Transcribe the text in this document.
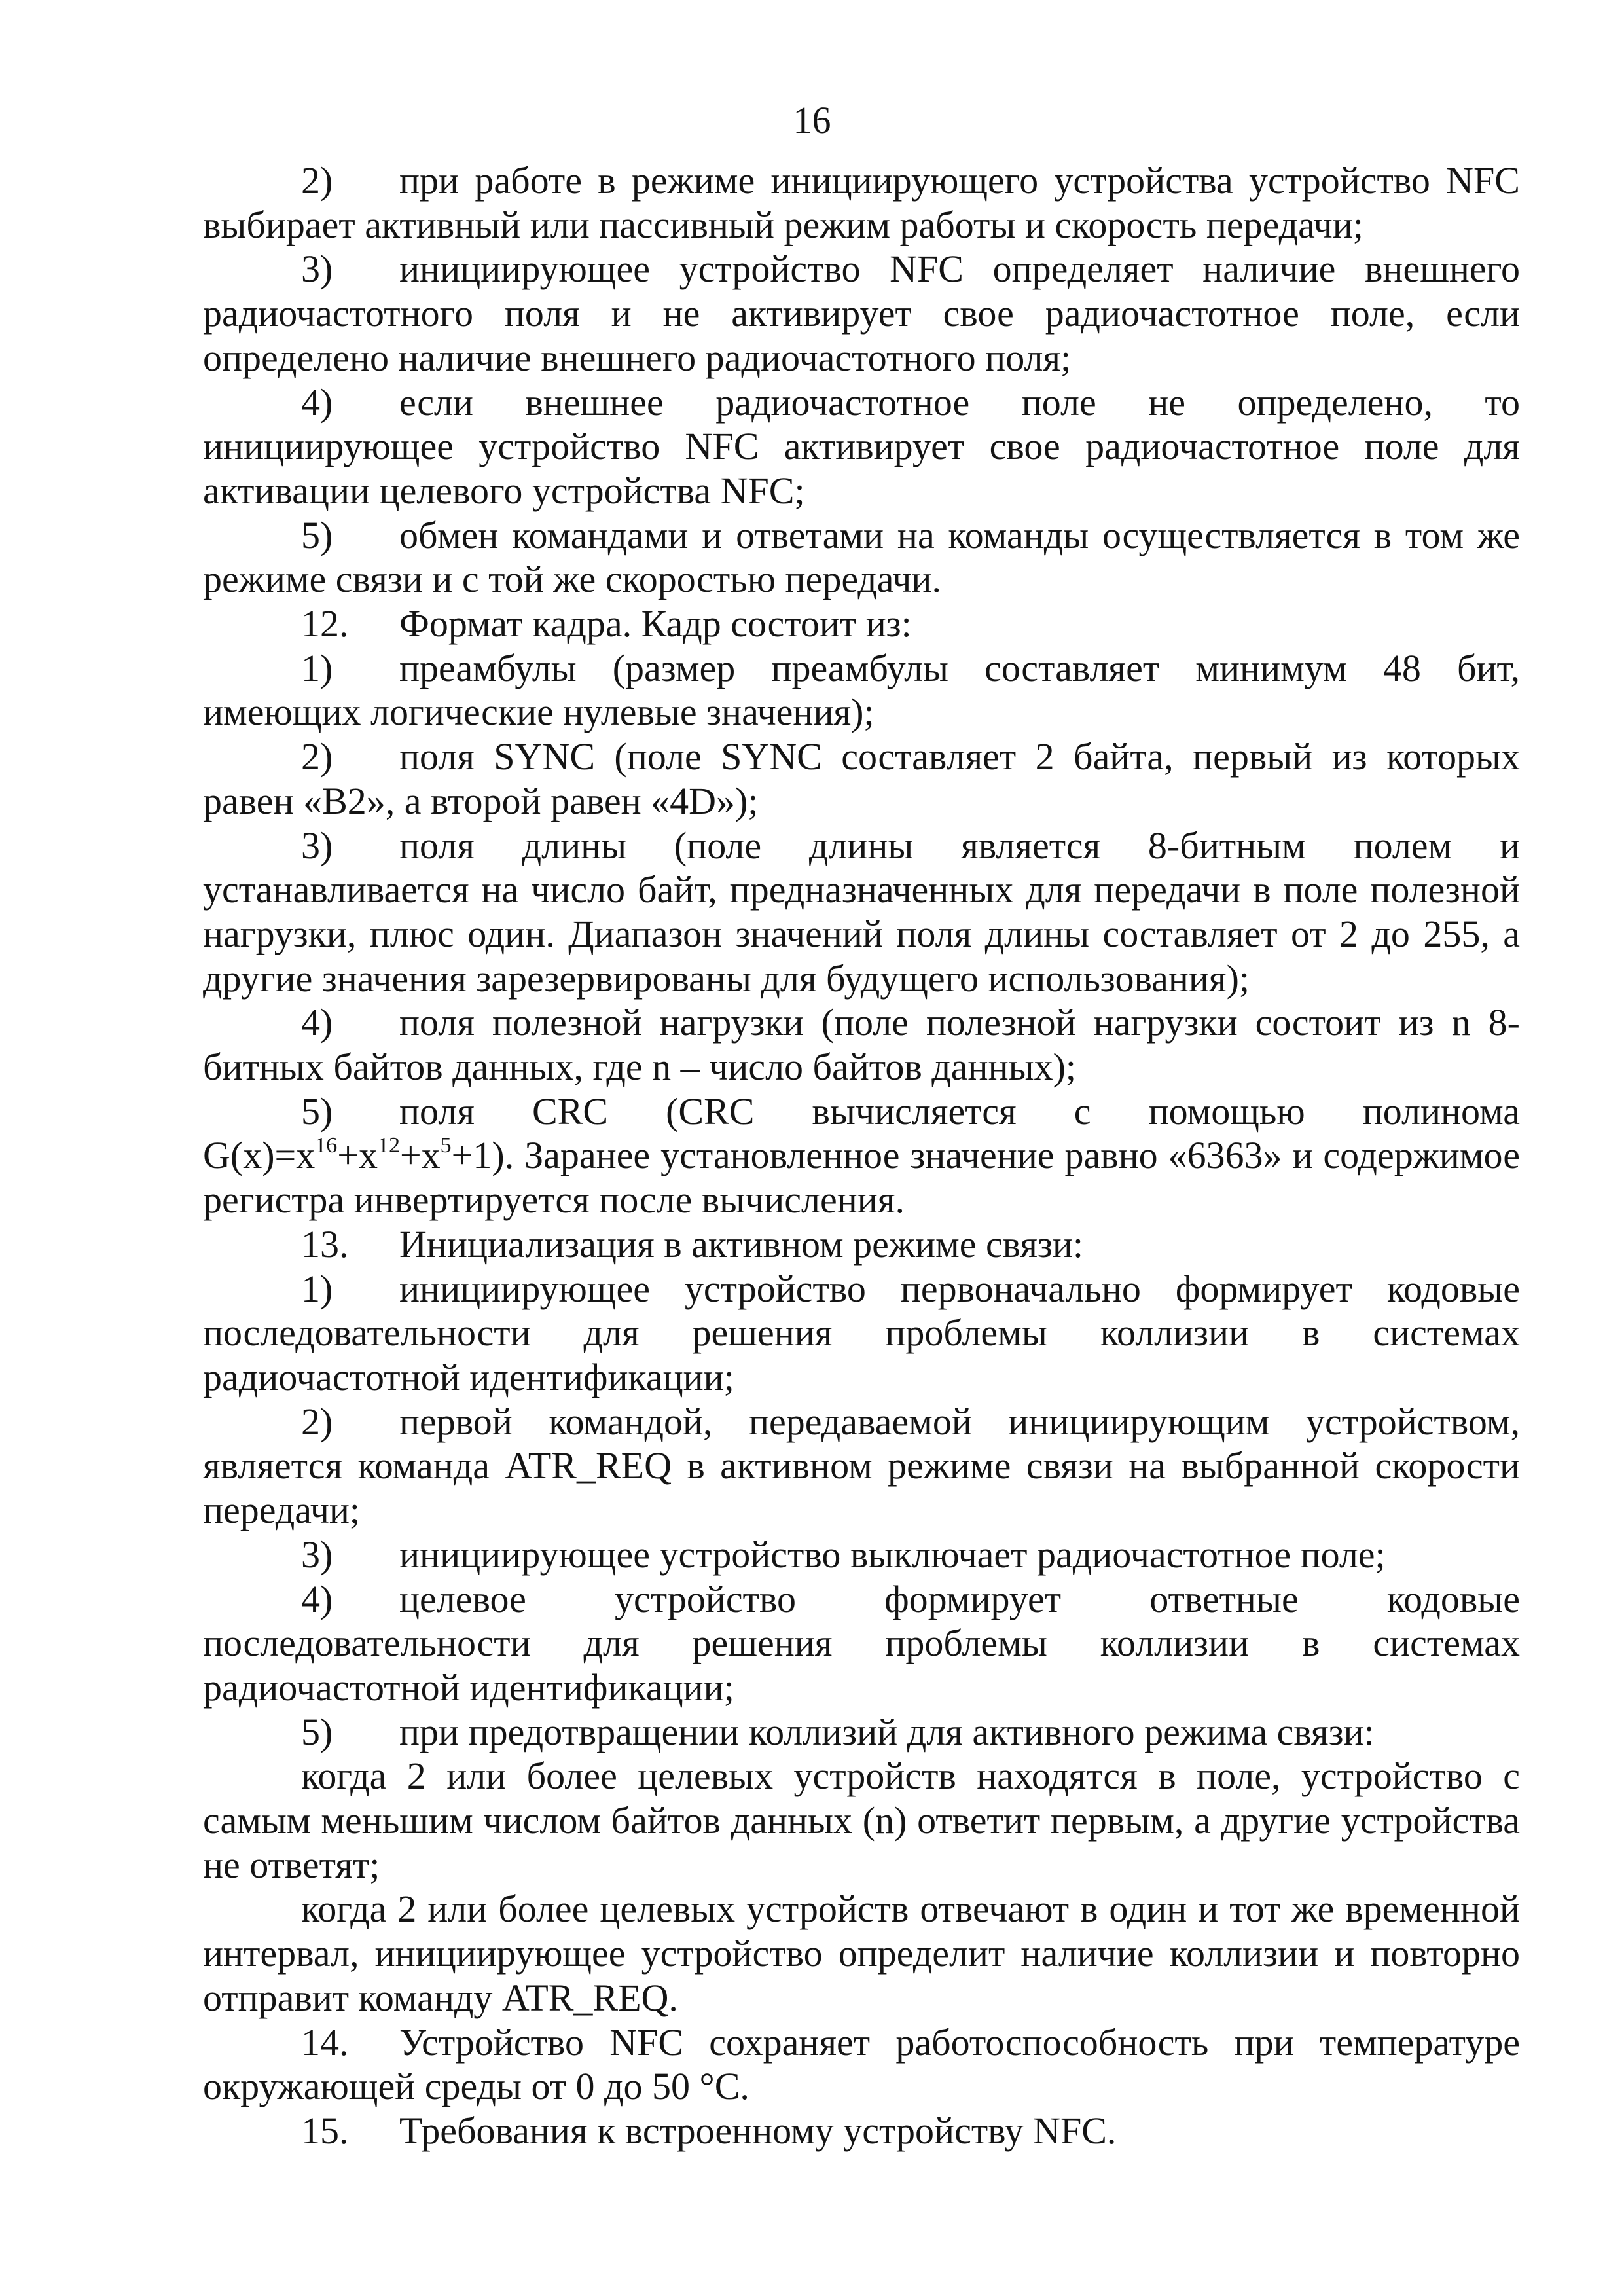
16

2) при работе в режиме инициирующего устройства устройство NFC выбирает активный или пассивный режим работы и скорость передачи;

3) инициирующее устройство NFC определяет наличие внешнего радиочастотного поля и не активирует свое радиочастотное поле, если определено наличие внешнего радиочастотного поля;

4) если внешнее радиочастотное поле не определено, то инициирующее устройство NFC активирует свое радиочастотное поле для активации целевого устройства NFC;

5) обмен командами и ответами на команды осуществляется в том же режиме связи и с той же скоростью передачи.

12. Формат кадра. Кадр состоит из:

1) преамбулы (размер преамбулы составляет минимум 48 бит, имеющих логические нулевые значения);

2) поля SYNC (поле SYNC составляет 2 байта, первый из которых равен «B2», а второй равен «4D»);

3) поля длины (поле длины является 8-битным полем и устанавливается на число байт, предназначенных для передачи в поле полезной нагрузки, плюс один. Диапазон значений поля длины составляет от 2 до 255, а другие значения зарезервированы для будущего использования);

4) поля полезной нагрузки (поле полезной нагрузки состоит из n 8-битных байтов данных, где n – число байтов данных);

5) поля CRC (CRC вычисляется с помощью полинома $G(x)=x^{16}+x^{12}+x^5+1$). Заранее установленное значение равно «6363» и содержимое регистра инвертируется после вычисления.

13. Инициализация в активном режиме связи:

1) инициирующее устройство первоначально формирует кодовые последовательности для решения проблемы коллизии в системах радиочастотной идентификации;

2) первой командой, передаваемой инициирующим устройством, является команда ATR_REQ в активном режиме связи на выбранной скорости передачи;

3) инициирующее устройство выключает радиочастотное поле;

4) целевое устройство формирует ответные кодовые последовательности для решения проблемы коллизии в системах радиочастотной идентификации;

5) при предотвращении коллизий для активного режима связи:

когда 2 или более целевых устройств находятся в поле, устройство с самым меньшим числом байтов данных (n) ответит первым, а другие устройства не ответят;

когда 2 или более целевых устройств отвечают в один и тот же временной интервал, инициирующее устройство определит наличие коллизии и повторно отправит команду ATR_REQ.

14. Устройство NFC сохраняет работоспособность при температуре окружающей среды от 0 до 50 °С.

15. Требования к встроенному устройству NFC.
